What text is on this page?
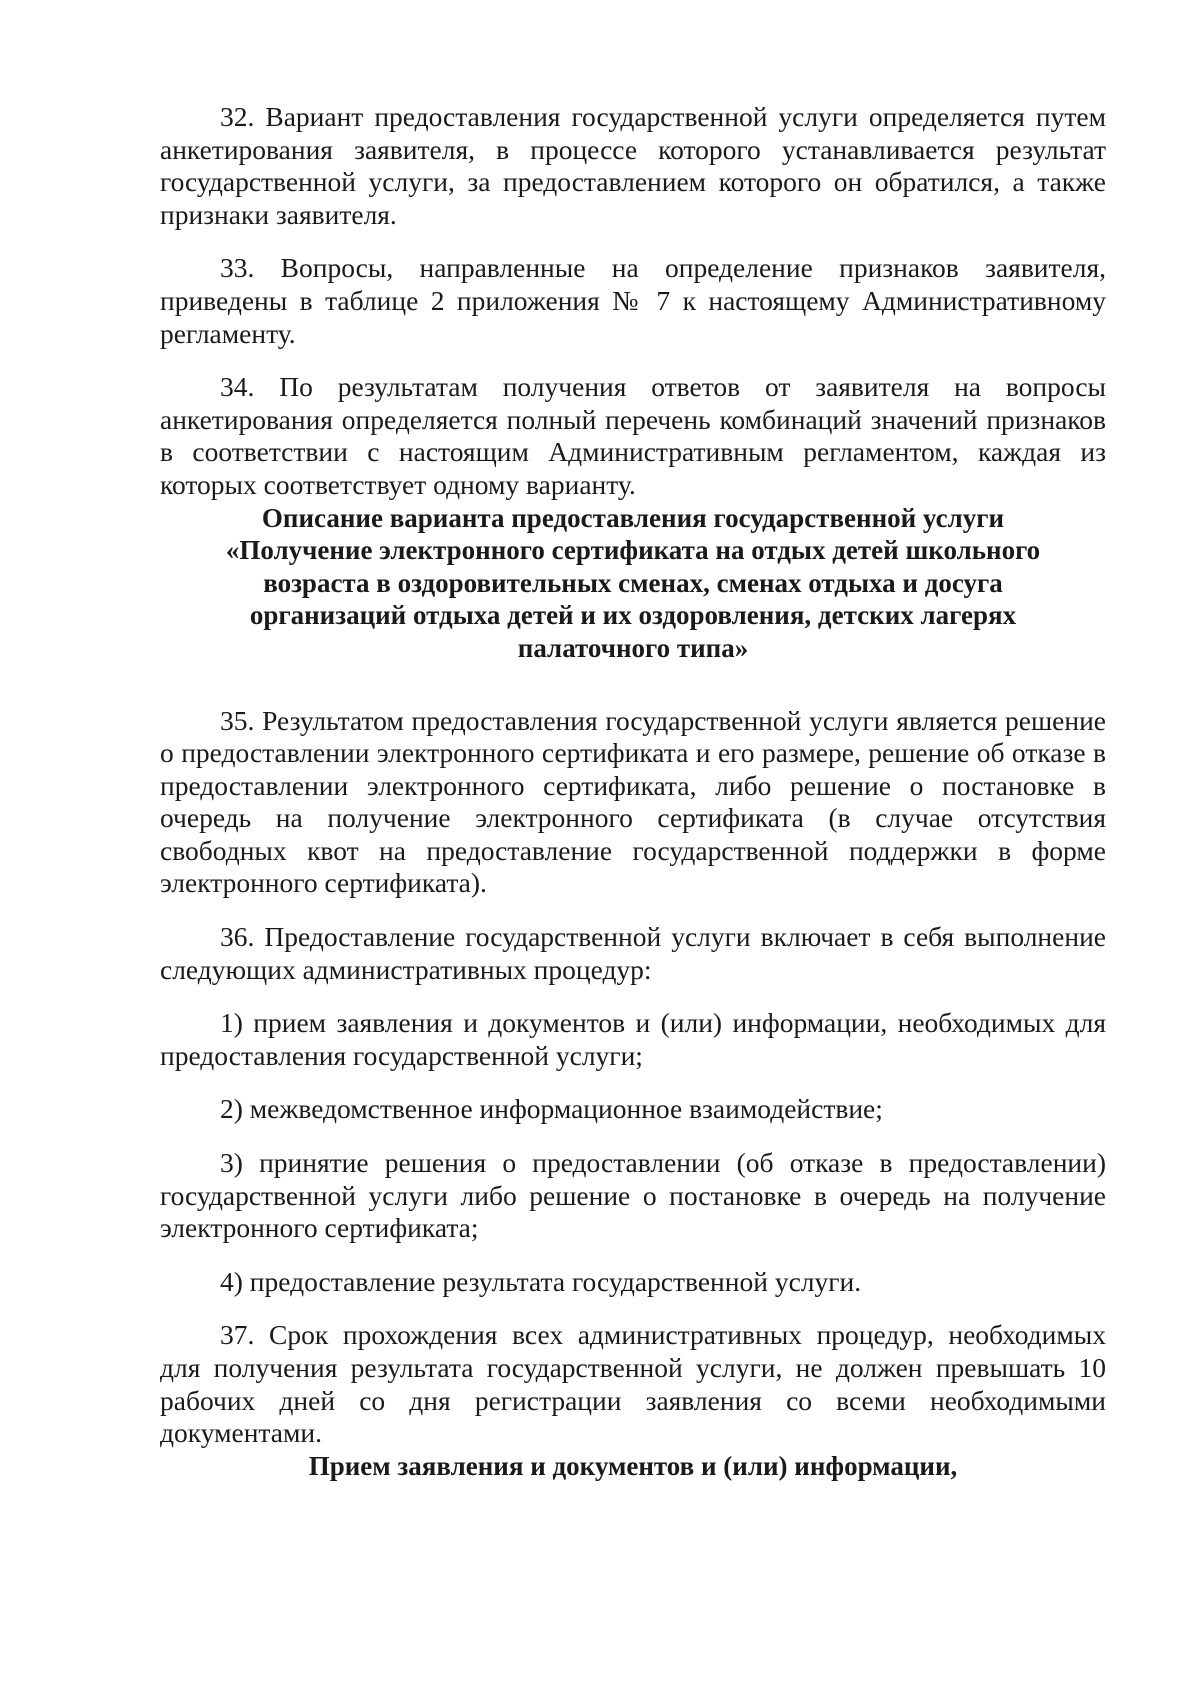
32. Вариант предоставления государственной услуги определяется путем анкетирования заявителя, в процессе которого устанавливается результат государственной услуги, за предоставлением которого он обратился, а также признаки заявителя.

33. Вопросы, направленные на определение признаков заявителя, приведены в таблице 2 приложения № 7 к настоящему Административному регламенту.

34. По результатам получения ответов от заявителя на вопросы анкетирования определяется полный перечень комбинаций значений признаков в соответствии с настоящим Административным регламентом, каждая из которых соответствует одному варианту.

Описание варианта предоставления государственной услуги
«Получение электронного сертификата на отдых детей школьного
возраста в оздоровительных сменах, сменах отдыха и досуга
организаций отдыха детей и их оздоровления, детских лагерях
палаточного типа»

35. Результатом предоставления государственной услуги является решение о предоставлении электронного сертификата и его размере, решение об отказе в предоставлении электронного сертификата, либо решение о постановке в очередь на получение электронного сертификата (в случае отсутствия свободных квот на предоставление государственной поддержки в форме электронного сертификата).

36. Предоставление государственной услуги включает в себя выполнение следующих административных процедур:

1) прием заявления и документов и (или) информации, необходимых для предоставления государственной услуги;

2) межведомственное информационное взаимодействие;

3) принятие решения о предоставлении (об отказе в предоставлении) государственной услуги либо решение о постановке в очередь на получение электронного сертификата;

4) предоставление результата государственной услуги.

37. Срок прохождения всех административных процедур, необходимых для получения результата государственной услуги, не должен превышать 10 рабочих дней со дня регистрации заявления со всеми необходимыми документами.

Прием заявления и документов и (или) информации,
